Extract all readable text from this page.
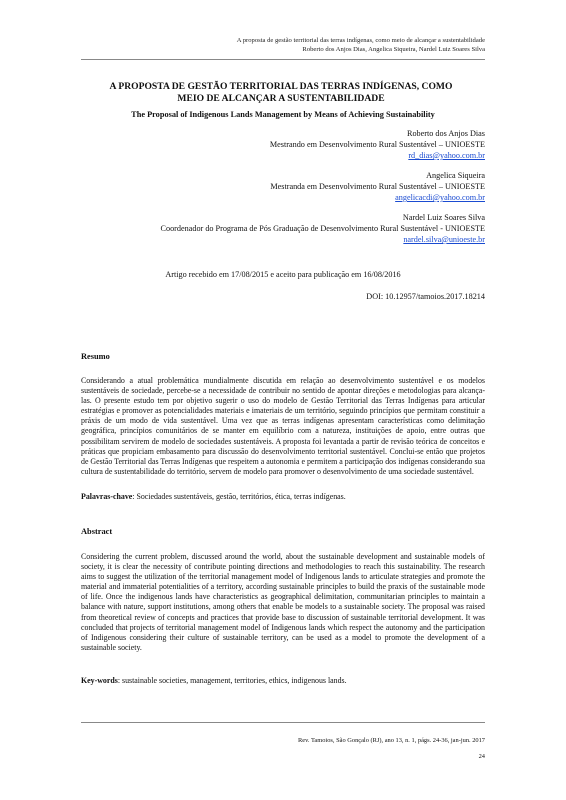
A proposta de gestão territorial das terras indígenas, como meio de alcançar a sustentabilidade
Roberto dos Anjos Dias, Angelica Siqueira, Nardel Luiz Soares Silva
A PROPOSTA DE GESTÃO TERRITORIAL DAS TERRAS INDÍGENAS, COMO MEIO DE ALCANÇAR A SUSTENTABILIDADE
The Proposal of Indigenous Lands Management by Means of Achieving Sustainability
Roberto dos Anjos Dias
Mestrando em Desenvolvimento Rural Sustentável – UNIOESTE
rd_dias@yahoo.com.br
Angelica Siqueira
Mestranda em Desenvolvimento Rural Sustentável – UNIOESTE
angelicacdi@yahoo.com.br
Nardel Luiz Soares Silva
Coordenador do Programa de Pós Graduação de Desenvolvimento Rural Sustentável - UNIOESTE
nardel.silva@unioeste.br
Artigo recebido em 17/08/2015 e aceito para publicação em 16/08/2016
DOI: 10.12957/tamoios.2017.18214
Resumo
Considerando a atual problemática mundialmente discutida em relação ao desenvolvimento sustentável e os modelos sustentáveis de sociedade, percebe-se a necessidade de contribuir no sentido de apontar direções e metodologias para alcança-las. O presente estudo tem por objetivo sugerir o uso do modelo de Gestão Territorial das Terras Indígenas para articular estratégias e promover as potencialidades materiais e imateriais de um território, seguindo princípios que permitam constituir a práxis de um modo de vida sustentável. Uma vez que as terras indígenas apresentam características como delimitação geográfica, princípios comunitários de se manter em equilíbrio com a natureza, instituições de apoio, entre outras que possibilitam servirem de modelo de sociedades sustentáveis. A proposta foi levantada a partir de revisão teórica de conceitos e práticas que propiciam embasamento para discussão do desenvolvimento territorial sustentável. Conclui-se então que projetos de Gestão Territorial das Terras Indígenas que respeitem a autonomia e permitem a participação dos indígenas considerando sua cultura de sustentabilidade do território, servem de modelo para promover o desenvolvimento de uma sociedade sustentável.
Palavras-chave: Sociedades sustentáveis, gestão, territórios, ética, terras indígenas.
Abstract
Considering the current problem, discussed around the world, about the sustainable development and sustainable models of society, it is clear the necessity of contribute pointing directions and methodologies to reach this sustainability. The research aims to suggest the utilization of the territorial management model of Indigenous lands to articulate strategies and promote the material and immaterial potentialities of a territory, according sustainable principles to build the praxis of the sustainable mode of life. Once the indigenous lands have characteristics as geographical delimitation, communitarian principles to maintain a balance with nature, support institutions, among others that enable be models to a sustainable society. The proposal was raised from theoretical review of concepts and practices that provide base to discussion of sustainable territorial development. It was concluded that projects of territorial management model of Indigenous lands which respect the autonomy and the participation of Indigenous considering their culture of sustainable territory, can be used as a model to promote the development of a sustainable society.
Key-words: sustainable societies, management, territories, ethics, indigenous lands.
Rev. Tamoios, São Gonçalo (RJ), ano 13, n. 1, págs. 24-36, jan-jun. 2017
24
